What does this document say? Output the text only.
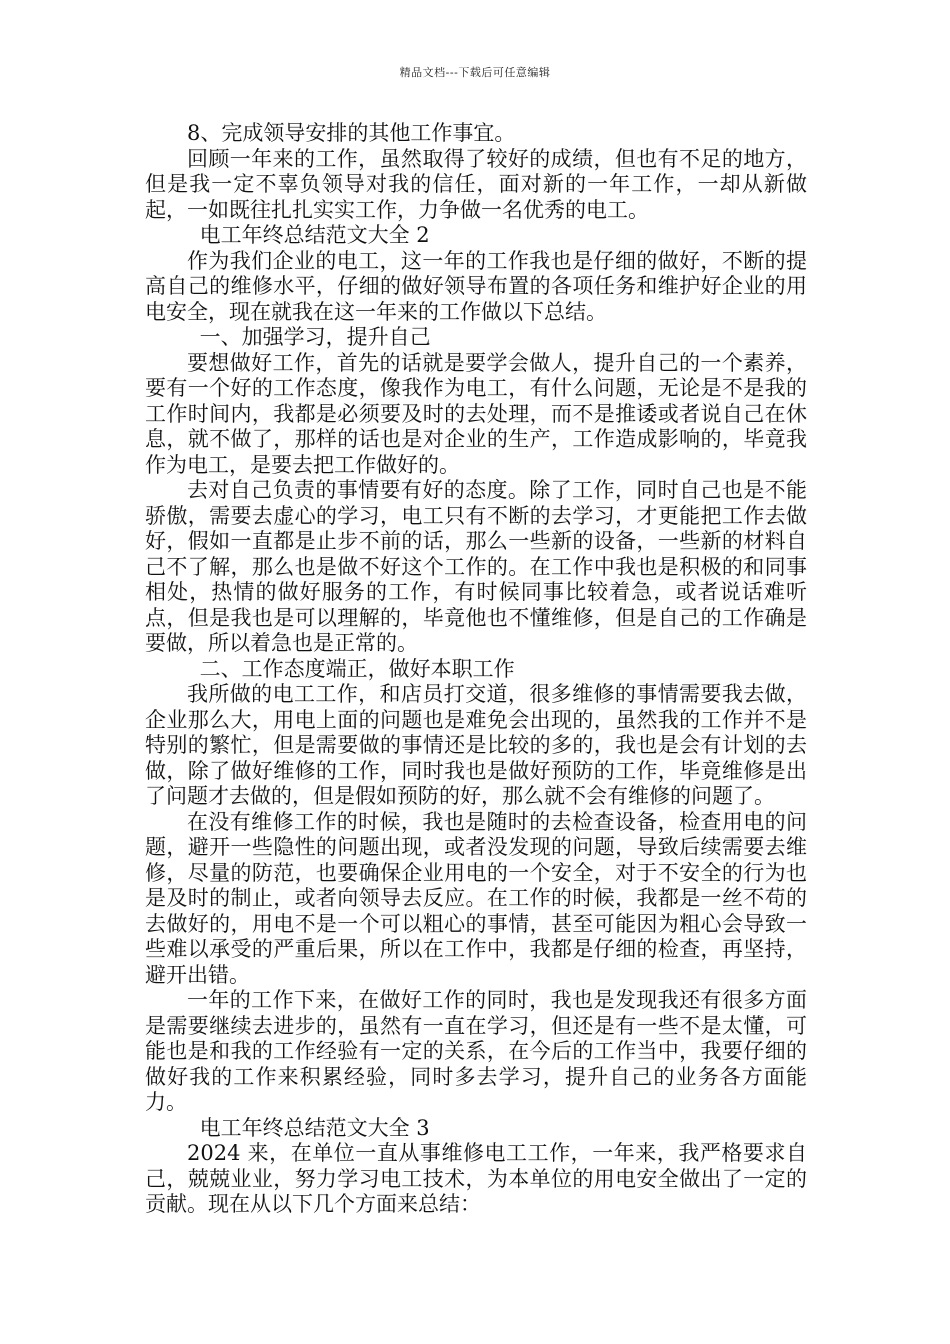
精品文档---下载后可任意编辑

8、完成领导安排的其他工作事宜。

回顾一年来的工作，虽然取得了较好的成绩，但也有不足的地方，但是我一定不辜负领导对我的信任，面对新的一年工作，一却从新做起，一如既往扎扎实实工作，力争做一名优秀的电工。

电工年终总结范文大全 2

作为我们企业的电工，这一年的工作我也是仔细的做好，不断的提高自己的维修水平，仔细的做好领导布置的各项任务和维护好企业的用电安全，现在就我在这一年来的工作做以下总结。

一、加强学习，提升自己

要想做好工作，首先的话就是要学会做人，提升自己的一个素养，要有一个好的工作态度，像我作为电工，有什么问题，无论是不是我的工作时间内，我都是必须要及时的去处理，而不是推诿或者说自己在休息，就不做了，那样的话也是对企业的生产，工作造成影响的，毕竟我作为电工，是要去把工作做好的。

去对自己负责的事情要有好的态度。除了工作，同时自己也是不能骄傲，需要去虚心的学习，电工只有不断的去学习，才更能把工作去做好，假如一直都是止步不前的话，那么一些新的设备，一些新的材料自己不了解，那么也是做不好这个工作的。在工作中我也是积极的和同事相处，热情的做好服务的工作，有时候同事比较着急，或者说话难听点，但是我也是可以理解的，毕竟他也不懂维修，但是自己的工作确是要做，所以着急也是正常的。

二、工作态度端正，做好本职工作

我所做的电工工作，和店员打交道，很多维修的事情需要我去做，企业那么大，用电上面的问题也是难免会出现的，虽然我的工作并不是特别的繁忙，但是需要做的事情还是比较的多的，我也是会有计划的去做，除了做好维修的工作，同时我也是做好预防的工作，毕竟维修是出了问题才去做的，但是假如预防的好，那么就不会有维修的问题了。

在没有维修工作的时候，我也是随时的去检查设备，检查用电的问题，避开一些隐性的问题出现，或者没发现的问题，导致后续需要去维修，尽量的防范，也要确保企业用电的一个安全，对于不安全的行为也是及时的制止，或者向领导去反应。在工作的时候，我都是一丝不苟的去做好的，用电不是一个可以粗心的事情，甚至可能因为粗心会导致一些难以承受的严重后果，所以在工作中，我都是仔细的检查，再坚持，避开出错。

一年的工作下来，在做好工作的同时，我也是发现我还有很多方面是需要继续去进步的，虽然有一直在学习，但还是有一些不是太懂，可能也是和我的工作经验有一定的关系，在今后的工作当中，我要仔细的做好我的工作来积累经验，同时多去学习，提升自己的业务各方面能力。

电工年终总结范文大全 3

2024 来，在单位一直从事维修电工工作，一年来，我严格要求自己，兢兢业业，努力学习电工技术，为本单位的用电安全做出了一定的贡献。现在从以下几个方面来总结：
